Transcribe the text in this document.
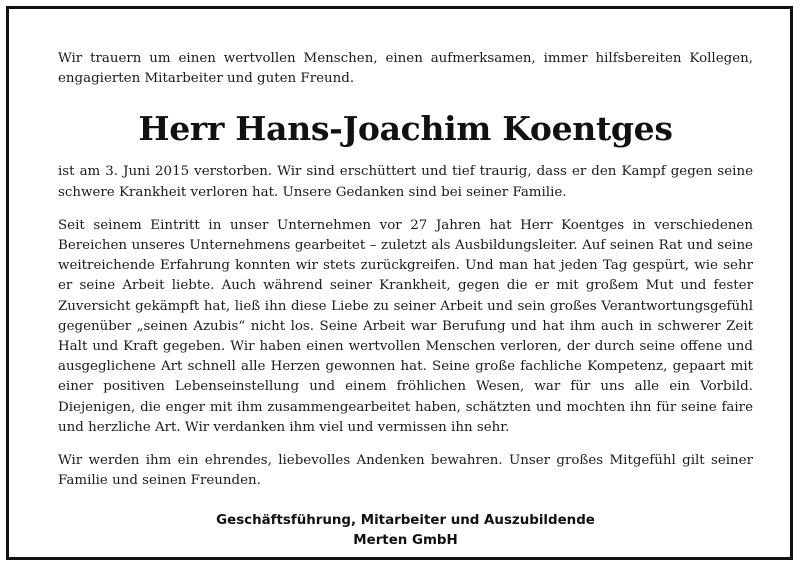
Wir trauern um einen wertvollen Menschen, einen aufmerksamen, immer hilfsbereiten Kollegen, engagierten Mitarbeiter und guten Freund.

Herr Hans-Joachim Koentges

ist am 3. Juni 2015 verstorben. Wir sind erschüttert und tief traurig, dass er den Kampf gegen seine schwere Krankheit verloren hat. Unsere Gedanken sind bei seiner Familie.

Seit seinem Eintritt in unser Unternehmen vor 27 Jahren hat Herr Koentges in verschiedenen Bereichen unseres Unternehmens gearbeitet – zuletzt als Ausbildungsleiter. Auf seinen Rat und seine weitreichende Erfahrung konnten wir stets zurückgreifen. Und man hat jeden Tag gespürt, wie sehr er seine Arbeit liebte. Auch während seiner Krankheit, gegen die er mit großem Mut und fester Zuversicht gekämpft hat, ließ ihn diese Liebe zu seiner Arbeit und sein großes Verantwortungsgefühl gegenüber „seinen Azubis“ nicht los. Seine Arbeit war Berufung und hat ihm auch in schwerer Zeit Halt und Kraft gegeben. Wir haben einen wertvollen Menschen verloren, der durch seine offene und ausgeglichene Art schnell alle Herzen gewonnen hat. Seine große fachliche Kompetenz, gepaart mit einer positiven Lebenseinstellung und einem fröhlichen Wesen, war für uns alle ein Vorbild. Diejenigen, die enger mit ihm zusammengearbeitet haben, schätzten und mochten ihn für seine faire und herzliche Art. Wir verdanken ihm viel und vermissen ihn sehr.

Wir werden ihm ein ehrendes, liebevolles Andenken bewahren. Unser großes Mitgefühl gilt seiner Familie und seinen Freunden.

Geschäftsführung, Mitarbeiter und Auszubildende
Merten GmbH
